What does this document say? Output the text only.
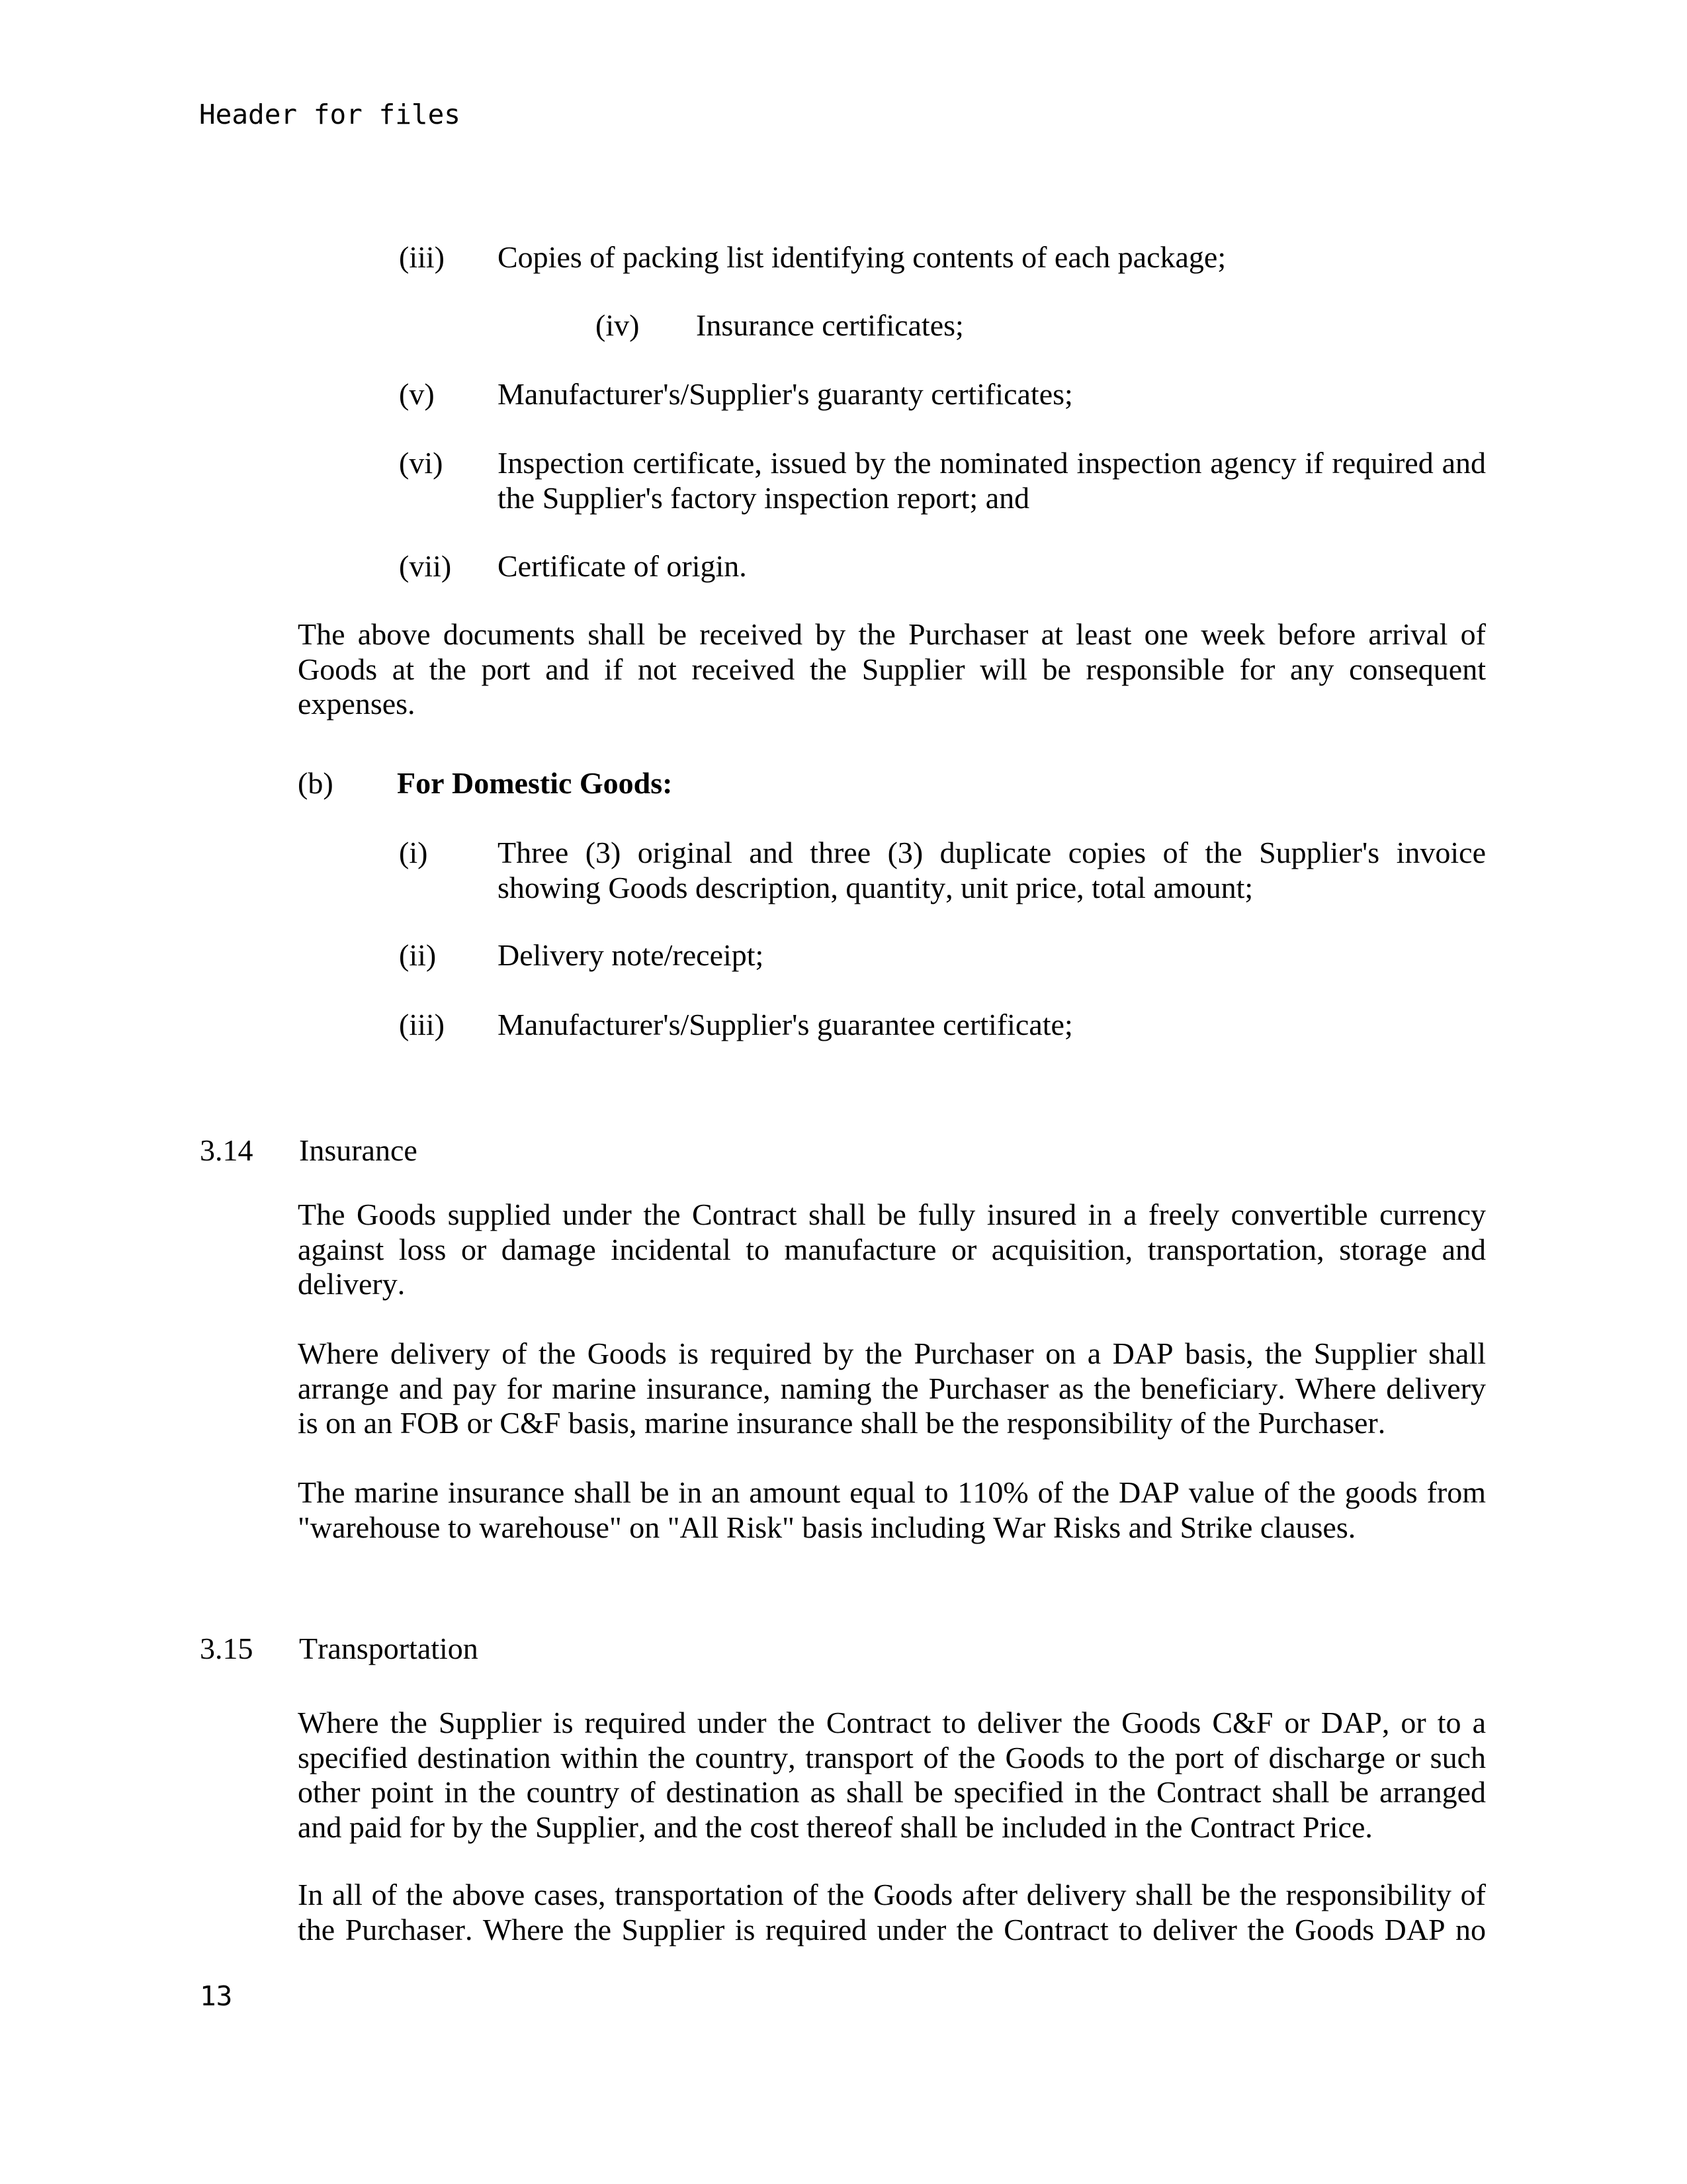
Header for files
(iii) Copies of packing list identifying contents of each package;
(iv) Insurance certificates;
(v) Manufacturer's/Supplier's guaranty certificates;
(vi) Inspection certificate, issued by the nominated inspection agency if required and
the Supplier's factory inspection report; and
(vii) Certificate of origin.
The above documents shall be received by the Purchaser at least one week before arrival of
Goods at the port and if not received the Supplier will be responsible for any consequent
expenses.
(b) For Domestic Goods:
(i) Three (3) original and three (3) duplicate copies of the Supplier's invoice
showing Goods description, quantity, unit price, total amount;
(ii) Delivery note/receipt;
(iii) Manufacturer's/Supplier's guarantee certificate;
3.14 Insurance
The Goods supplied under the Contract shall be fully insured in a freely convertible currency
against loss or damage incidental to manufacture or acquisition, transportation, storage and
delivery.
Where delivery of the Goods is required by the Purchaser on a DAP basis, the Supplier shall
arrange and pay for marine insurance, naming the Purchaser as the beneficiary. Where delivery
is on an FOB or C&F basis, marine insurance shall be the responsibility of the Purchaser.
The marine insurance shall be in an amount equal to 110% of the DAP value of the goods from
"warehouse to warehouse" on "All Risk" basis including War Risks and Strike clauses.
3.15 Transportation
Where the Supplier is required under the Contract to deliver the Goods C&F or DAP, or to a
specified destination within the country, transport of the Goods to the port of discharge or such
other point in the country of destination as shall be specified in the Contract shall be arranged
and paid for by the Supplier, and the cost thereof shall be included in the Contract Price.
In all of the above cases, transportation of the Goods after delivery shall be the responsibility of
the Purchaser. Where the Supplier is required under the Contract to deliver the Goods DAP no
13
